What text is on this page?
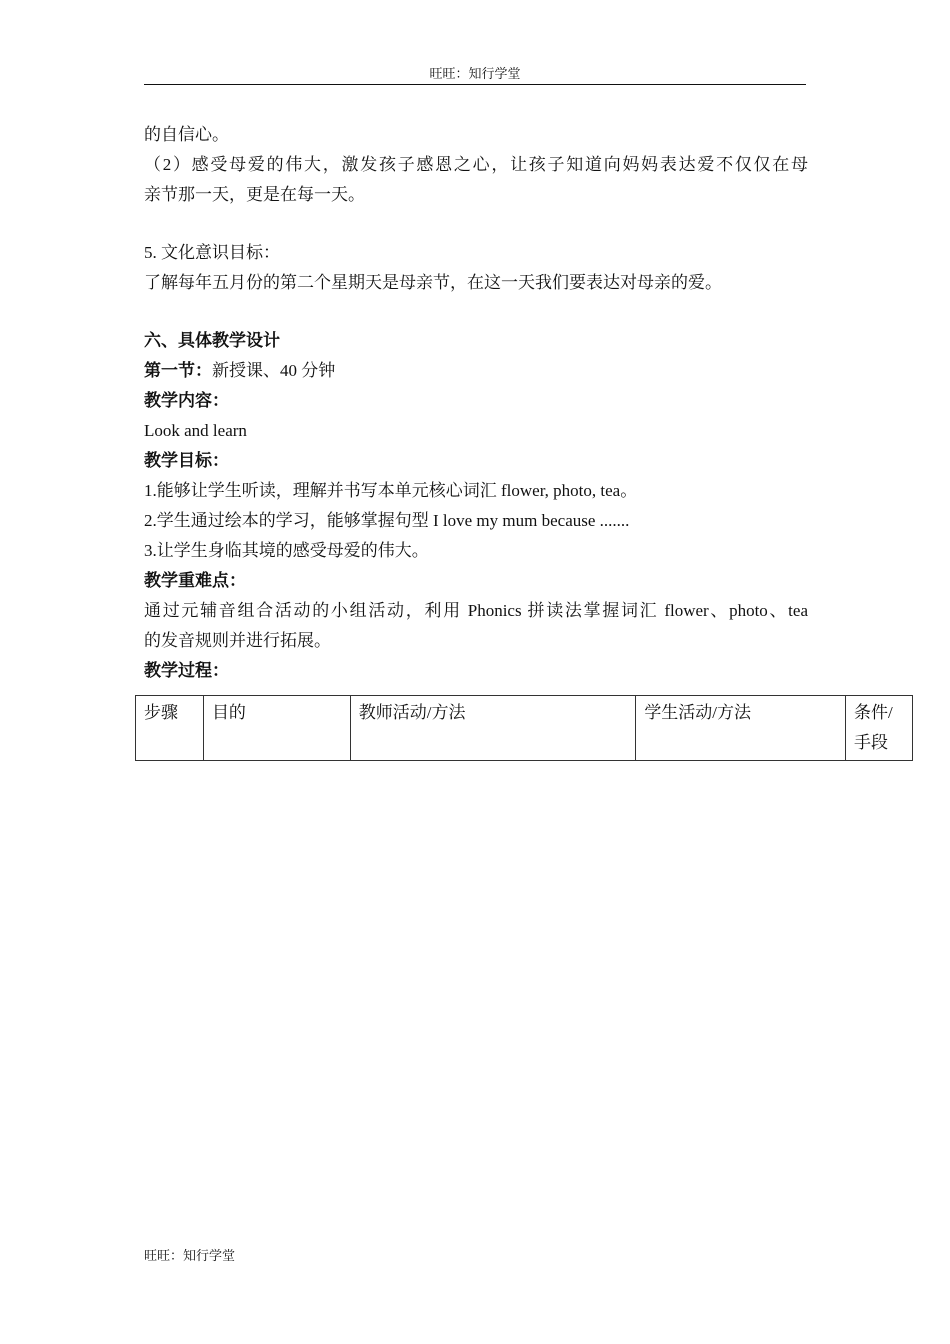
旺旺：知行学堂
的自信心。
（2）感受母爱的伟大，激发孩子感恩之心，让孩子知道向妈妈表达爱不仅仅在母
亲节那一天，更是在每一天。
5. 文化意识目标：
了解每年五月份的第二个星期天是母亲节，在这一天我们要表达对母亲的爱。
六、具体教学设计
第一节：新授课、40 分钟
教学内容：
Look and learn
教学目标：
1.能够让学生听读，理解并书写本单元核心词汇 flower, photo, tea。
2.学生通过绘本的学习，能够掌握句型 I love my mum because .......
3.让学生身临其境的感受母爱的伟大。
教学重难点：
通过元辅音组合活动的小组活动，利用 Phonics 拼读法掌握词汇 flower、photo、tea
的发音规则并进行拓展。
教学过程：
步骤	目的	教师活动/方法	学生活动/方法	条件/手段
旺旺：知行学堂
